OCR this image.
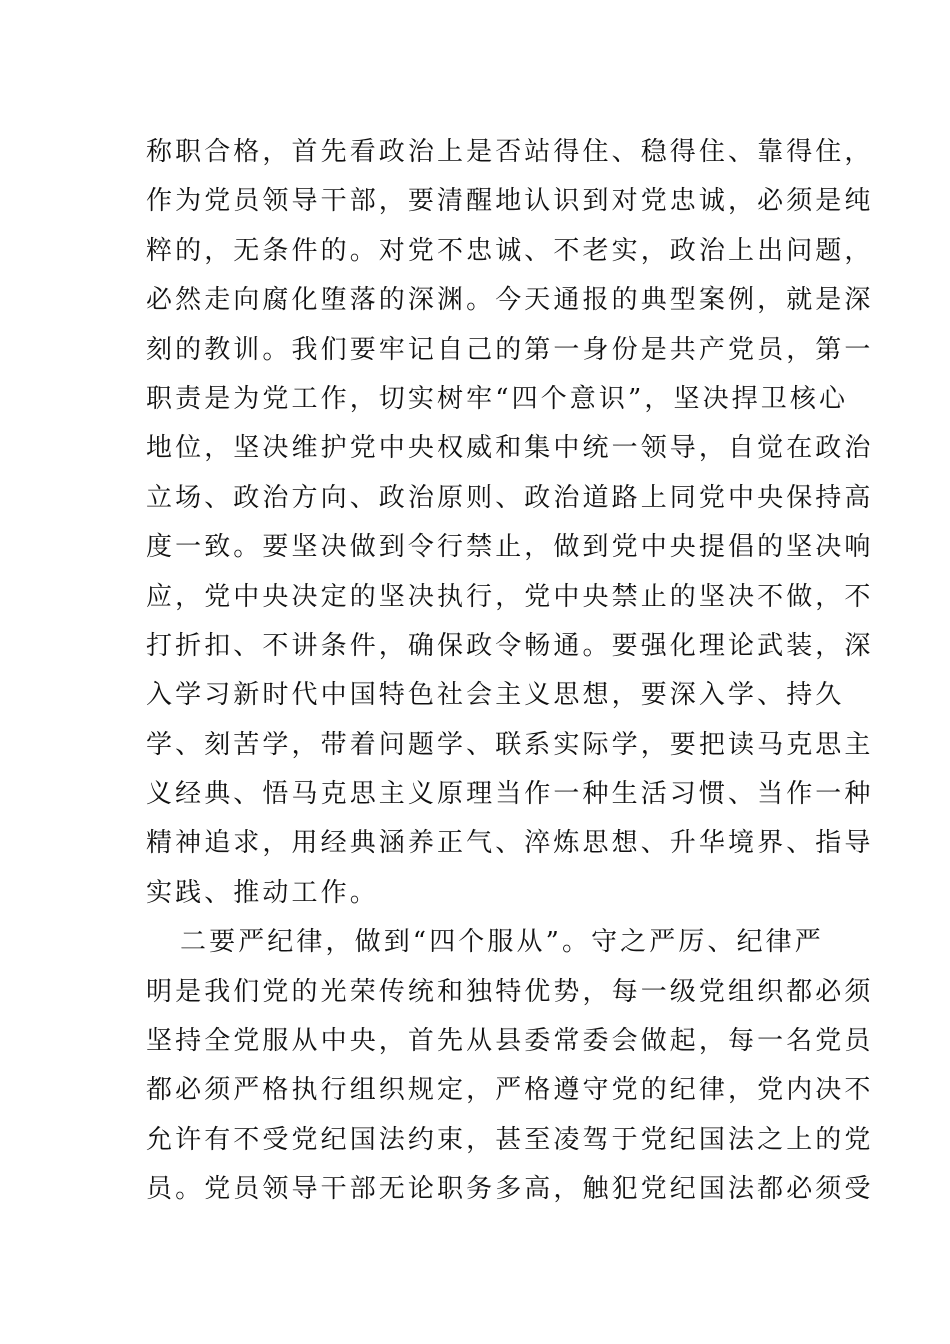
称职合格，首先看政治上是否站得住、稳得住、靠得住，
作为党员领导干部，要清醒地认识到对党忠诚，必须是纯
粹的，无条件的。对党不忠诚、不老实，政治上出问题，
必然走向腐化堕落的深渊。今天通报的典型案例，就是深
刻的教训。我们要牢记自己的第一身份是共产党员，第一
职责是为党工作，切实树牢“四个意识”，坚决捍卫核心
地位，坚决维护党中央权威和集中统一领导，自觉在政治
立场、政治方向、政治原则、政治道路上同党中央保持高
度一致。要坚决做到令行禁止，做到党中央提倡的坚决响
应，党中央决定的坚决执行，党中央禁止的坚决不做，不
打折扣、不讲条件，确保政令畅通。要强化理论武装，深
入学习新时代中国特色社会主义思想，要深入学、持久
学、刻苦学，带着问题学、联系实际学，要把读马克思主
义经典、悟马克思主义原理当作一种生活习惯、当作一种
精神追求，用经典涵养正气、淬炼思想、升华境界、指导
实践、推动工作。
二要严纪律，做到“四个服从”。守之严厉、纪律严
明是我们党的光荣传统和独特优势，每一级党组织都必须
坚持全党服从中央，首先从县委常委会做起，每一名党员
都必须严格执行组织规定，严格遵守党的纪律，党内决不
允许有不受党纪国法约束，甚至凌驾于党纪国法之上的党
员。党员领导干部无论职务多高，触犯党纪国法都必须受
